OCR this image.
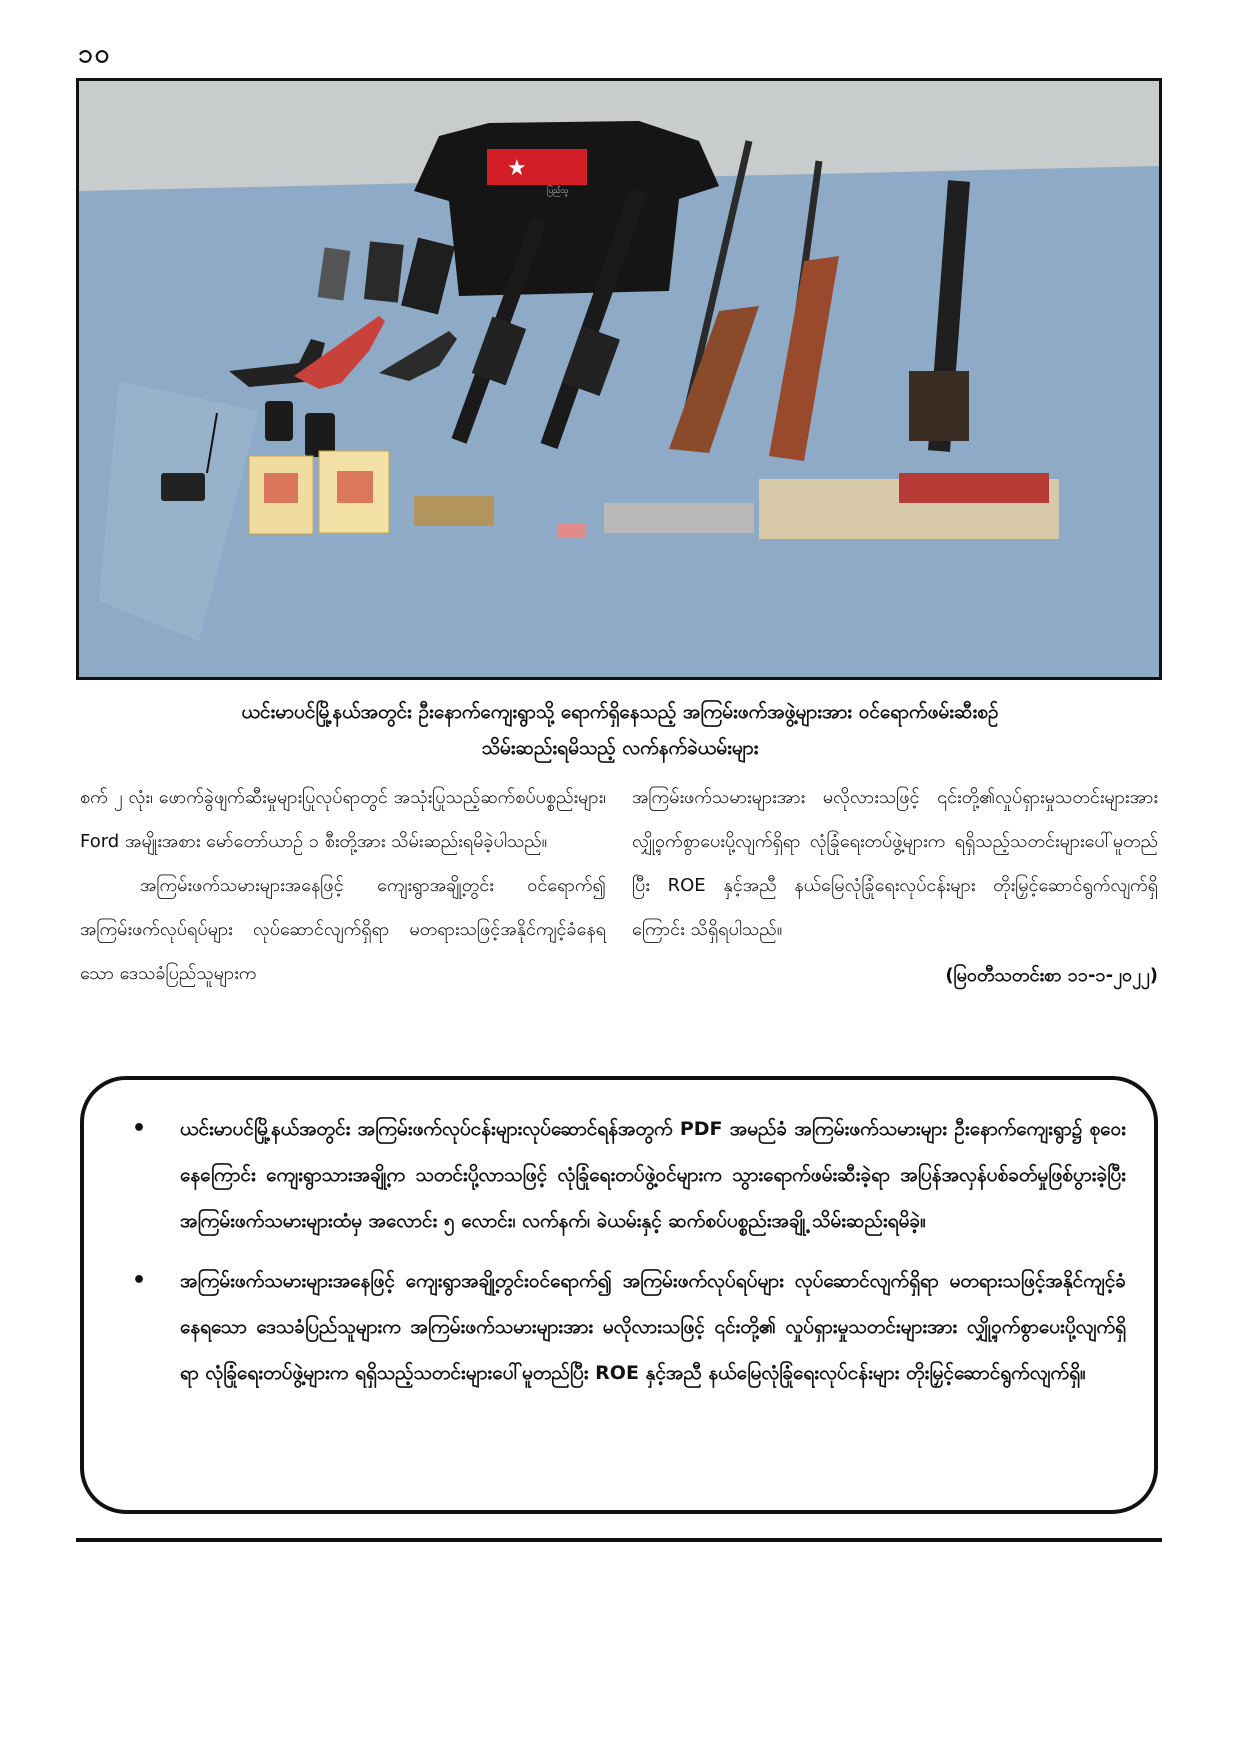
၁၀
★
ပြည်သူ
ယင်းမာပင်မြို့နယ်အတွင်း ဦးနောက်ကျေးရွာသို့ ရောက်ရှိနေသည့် အကြမ်းဖက်အဖွဲ့များအား ဝင်ရောက်ဖမ်းဆီးစဉ်
သိမ်းဆည်းရမိသည့် လက်နက်ခဲယမ်းများ

စက် ၂ လုံး၊ ဖောက်ခွဲဖျက်ဆီးမှုများပြုလုပ်ရာတွင် အသုံးပြုသည့်ဆက်စပ်ပစ္စည်းများ၊ Ford အမျိုးအစား မော်တော်ယာဉ် ၁ စီးတို့အား သိမ်းဆည်းရမိခဲ့ပါသည်။

အကြမ်းဖက်သမားများအနေဖြင့် ကျေးရွာအချို့တွင်း ဝင်ရောက်၍ အကြမ်းဖက်လုပ်ရပ်များ လုပ်ဆောင်လျက်ရှိရာ မတရားသဖြင့်အနိုင်ကျင့်ခံနေရသော ဒေသခံပြည်သူများက

အကြမ်းဖက်သမားများအား မလိုလားသဖြင့် ၎င်းတို့၏လှုပ်ရှားမှုသတင်းများအား လျှို့ဝှက်စွာပေးပို့လျက်ရှိရာ လုံခြုံရေးတပ်ဖွဲ့များက ရရှိသည့်သတင်းများပေါ်မူတည်ပြီး ROE နှင့်အညီ နယ်မြေလုံခြုံရေးလုပ်ငန်းများ တိုးမြှင့်ဆောင်ရွက်လျက်ရှိကြောင်း သိရှိရပါသည်။

(မြဝတီသတင်းစာ ၁၁-၁-၂၀၂၂)

• ယင်းမာပင်မြို့နယ်အတွင်း အကြမ်းဖက်လုပ်ငန်းများလုပ်ဆောင်ရန်အတွက် PDF အမည်ခံ အကြမ်းဖက်သမားများ ဦးနောက်ကျေးရွာ၌ စုဝေးနေကြောင်း ကျေးရွာသားအချို့က သတင်းပို့လာသဖြင့် လုံခြုံရေးတပ်ဖွဲ့ဝင်များက သွားရောက်ဖမ်းဆီးခဲ့ရာ အပြန်အလှန်ပစ်ခတ်မှုဖြစ်ပွားခဲ့ပြီး အကြမ်းဖက်သမားများထံမှ အလောင်း ၅ လောင်း၊ လက်နက်၊ ခဲယမ်းနှင့် ဆက်စပ်ပစ္စည်းအချို့ သိမ်းဆည်းရမိခဲ့။
• အကြမ်းဖက်သမားများအနေဖြင့် ကျေးရွာအချို့တွင်းဝင်ရောက်၍ အကြမ်းဖက်လုပ်ရပ်များ လုပ်ဆောင်လျက်ရှိရာ မတရားသဖြင့်အနိုင်ကျင့်ခံနေရသော ဒေသခံပြည်သူများက အကြမ်းဖက်သမားများအား မလိုလားသဖြင့် ၎င်းတို့၏ လှုပ်ရှားမှုသတင်းများအား လျှို့ဝှက်စွာပေးပို့လျက်ရှိရာ လုံခြုံရေးတပ်ဖွဲ့များက ရရှိသည့်သတင်းများပေါ်မူတည်ပြီး ROE နှင့်အညီ နယ်မြေလုံခြုံရေးလုပ်ငန်းများ တိုးမြှင့်ဆောင်ရွက်လျက်ရှိ။
